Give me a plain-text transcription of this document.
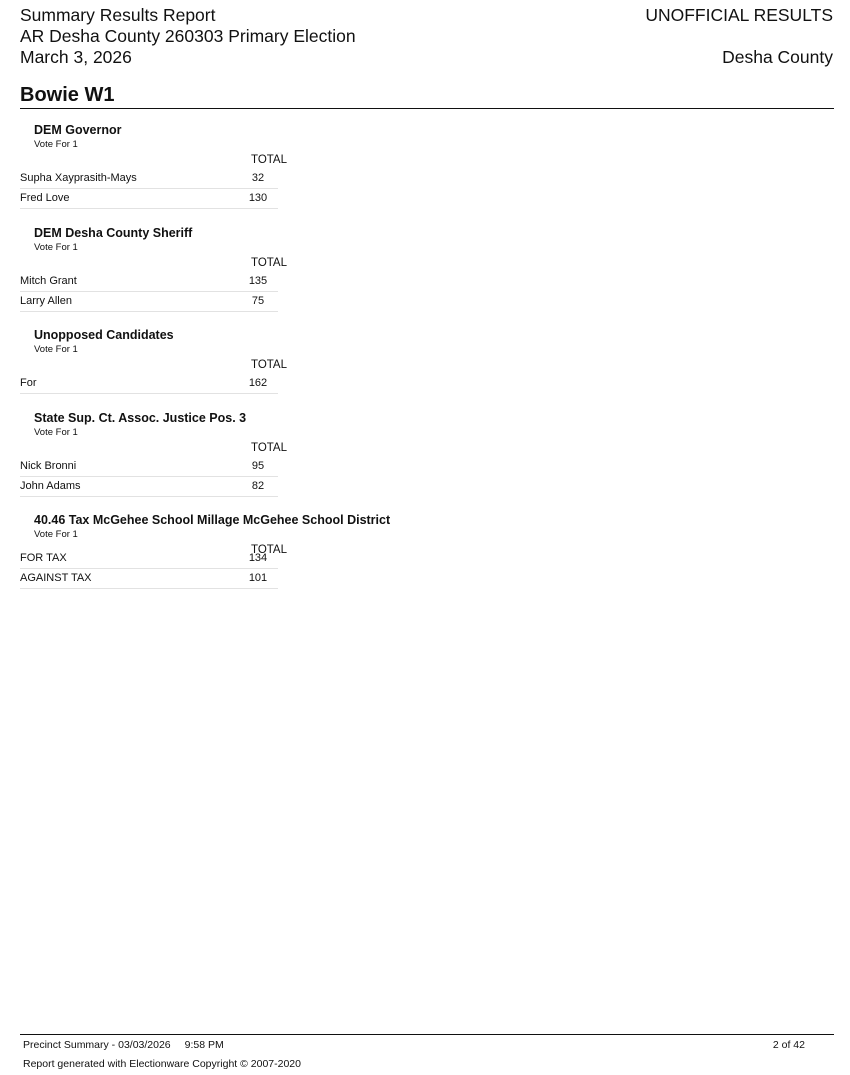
Summary Results Report
AR Desha County 260303 Primary Election
March 3, 2026
UNOFFICIAL RESULTS
Desha County
Bowie W1
DEM Governor
Vote For 1
TOTAL
Supha Xayprasith-Mays	32
Fred Love	130
DEM Desha County Sheriff
Vote For 1
TOTAL
Mitch Grant	135
Larry Allen	75
Unopposed Candidates
Vote For 1
TOTAL
For	162
State Sup. Ct. Assoc. Justice Pos. 3
Vote For 1
TOTAL
Nick Bronni	95
John Adams	82
40.46 Tax McGehee School Millage McGehee School District
Vote For 1
TOTAL
FOR TAX	134
AGAINST TAX	101
Precinct Summary - 03/03/2026 9:58 PM	2 of 42
Report generated with Electionware Copyright © 2007-2020
